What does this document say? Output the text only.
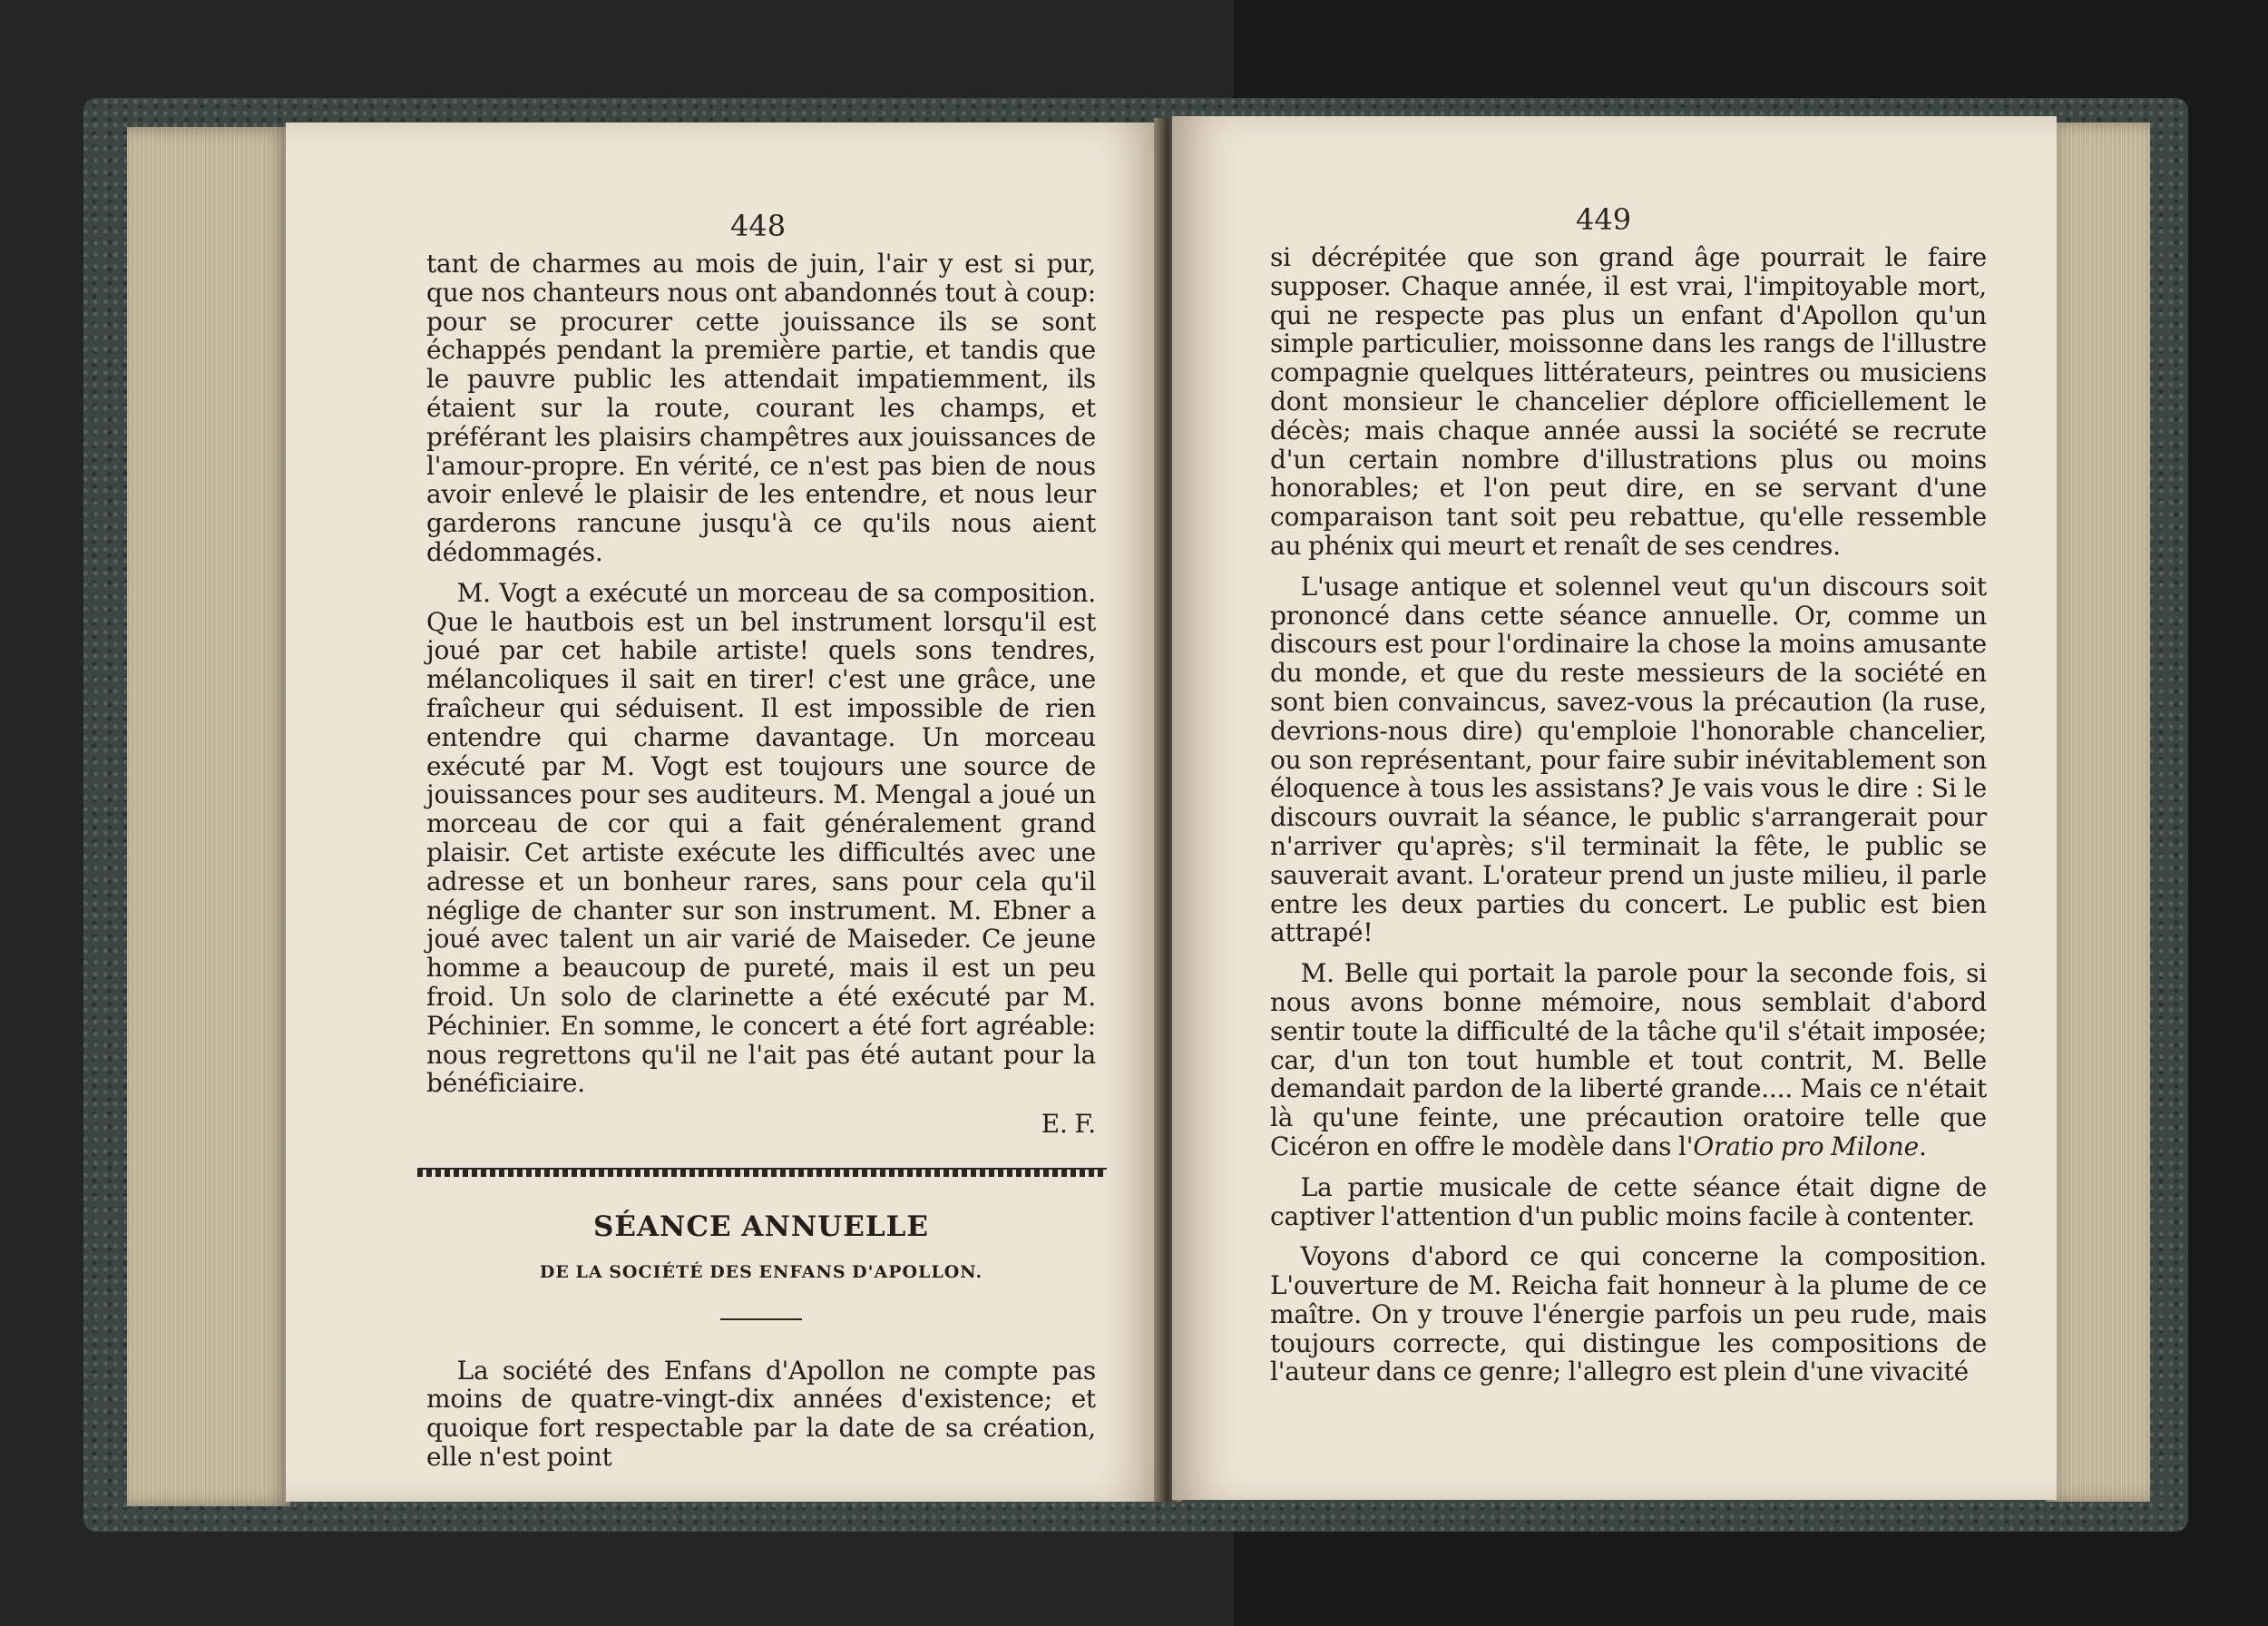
448

tant de charmes au mois de juin, l'air y est si pur, que nos chanteurs nous ont abandonnés tout à coup: pour se procurer cette jouissance ils se sont échappés pendant la première partie, et tandis que le pauvre public les attendait impatiemment, ils étaient sur la route, courant les champs, et préférant les plaisirs champêtres aux jouissances de l'amour-propre. En vérité, ce n'est pas bien de nous avoir enlevé le plaisir de les entendre, et nous leur garderons rancune jusqu'à ce qu'ils nous aient dédommagés.

M. Vogt a exécuté un morceau de sa composition. Que le hautbois est un bel instrument lorsqu'il est joué par cet habile artiste! quels sons tendres, mélancoliques il sait en tirer! c'est une grâce, une fraîcheur qui séduisent. Il est impossible de rien entendre qui charme davantage. Un morceau exécuté par M. Vogt est toujours une source de jouissances pour ses auditeurs. M. Mengal a joué un morceau de cor qui a fait généralement grand plaisir. Cet artiste exécute les difficultés avec une adresse et un bonheur rares, sans pour cela qu'il néglige de chanter sur son instrument. M. Ebner a joué avec talent un air varié de Maiseder. Ce jeune homme a beaucoup de pureté, mais il est un peu froid. Un solo de clarinette a été exécuté par M. Péchinier. En somme, le concert a été fort agréable: nous regrettons qu'il ne l'ait pas été autant pour la bénéficiaire.

E. F.

SÉANCE ANNUELLE
DE LA SOCIÉTÉ DES ENFANS D'APOLLON.

La société des Enfans d'Apollon ne compte pas moins de quatre-vingt-dix années d'existence; et quoique fort respectable par la date de sa création, elle n'est point

449

si décrépitée que son grand âge pourrait le faire supposer. Chaque année, il est vrai, l'impitoyable mort, qui ne respecte pas plus un enfant d'Apollon qu'un simple particulier, moissonne dans les rangs de l'illustre compagnie quelques littérateurs, peintres ou musiciens dont monsieur le chancelier déplore officiellement le décès; mais chaque année aussi la société se recrute d'un certain nombre d'illustrations plus ou moins honorables; et l'on peut dire, en se servant d'une comparaison tant soit peu rebattue, qu'elle ressemble au phénix qui meurt et renaît de ses cendres.

L'usage antique et solennel veut qu'un discours soit prononcé dans cette séance annuelle. Or, comme un discours est pour l'ordinaire la chose la moins amusante du monde, et que du reste messieurs de la société en sont bien convaincus, savez-vous la précaution (la ruse, devrions-nous dire) qu'emploie l'honorable chancelier, ou son représentant, pour faire subir inévitablement son éloquence à tous les assistans? Je vais vous le dire : Si le discours ouvrait la séance, le public s'arrangerait pour n'arriver qu'après; s'il terminait la fête, le public se sauverait avant. L'orateur prend un juste milieu, il parle entre les deux parties du concert. Le public est bien attrapé!

M. Belle qui portait la parole pour la seconde fois, si nous avons bonne mémoire, nous semblait d'abord sentir toute la difficulté de la tâche qu'il s'était imposée; car, d'un ton tout humble et tout contrit, M. Belle demandait pardon de la liberté grande.... Mais ce n'était là qu'une feinte, une précaution oratoire telle que Cicéron en offre le modèle dans l'Oratio pro Milone.

La partie musicale de cette séance était digne de captiver l'attention d'un public moins facile à contenter.

Voyons d'abord ce qui concerne la composition. L'ouverture de M. Reicha fait honneur à la plume de ce maître. On y trouve l'énergie parfois un peu rude, mais toujours correcte, qui distingue les compositions de l'auteur dans ce genre; l'allegro est plein d'une vivacité
